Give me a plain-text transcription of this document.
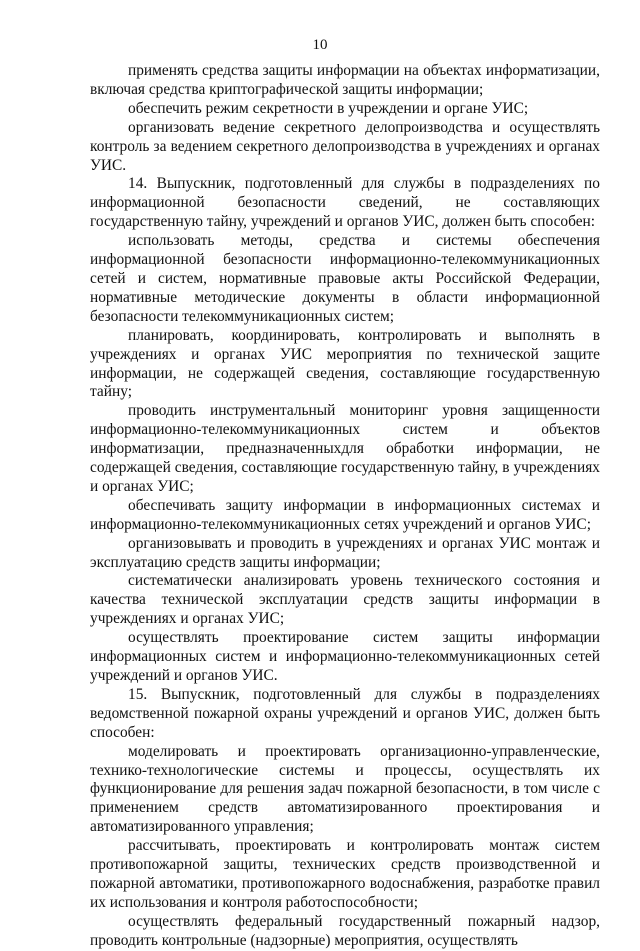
10

применять средства защиты информации на объектах информатизации, включая средства криптографической защиты информации;

обеспечить режим секретности в учреждении и органе УИС;

организовать ведение секретного делопроизводства и осуществлять контроль за ведением секретного делопроизводства в учреждениях и органах УИС.

14. Выпускник, подготовленный для службы в подразделениях по информационной безопасности сведений, не составляющих государственную тайну, учреждений и органов УИС, должен быть способен:

использовать методы, средства и системы обеспечения информационной безопасности информационно-телекоммуникационных сетей и систем, нормативные правовые акты Российской Федерации, нормативные методические документы в области информационной безопасности телекоммуникационных систем;

планировать, координировать, контролировать и выполнять в учреждениях и органах УИС мероприятия по технической защите информации, не содержащей сведения, составляющие государственную тайну;

проводить инструментальный мониторинг уровня защищенности информационно-телекоммуникационных систем и объектов информатизации, предназначенныхдля обработки информации, не содержащей сведения, составляющие государственную тайну, в учреждениях и органах УИС;

обеспечивать защиту информации в информационных системах и информационно-телекоммуникационных сетях учреждений и органов УИС;

организовывать и проводить в учреждениях и органах УИС монтаж и эксплуатацию средств защиты информации;

систематически анализировать уровень технического состояния и качества технической эксплуатации средств защиты информации в учреждениях и органах УИС;

осуществлять проектирование систем защиты информации информационных систем и информационно-телекоммуникационных сетей учреждений и органов УИС.

15. Выпускник, подготовленный для службы в подразделениях ведомственной пожарной охраны учреждений и органов УИС, должен быть способен:

моделировать и проектировать организационно-управленческие, технико-технологические системы и процессы, осуществлять их функционирование для решения задач пожарной безопасности, в том числе с применением средств автоматизированного проектирования и автоматизированного управления;

рассчитывать, проектировать и контролировать монтаж систем противопожарной защиты, технических средств производственной и пожарной автоматики, противопожарного водоснабжения, разработке правил их использования и контроля работоспособности;

осуществлять федеральный государственный пожарный надзор, проводить контрольные (надзорные) мероприятия, осуществлять
